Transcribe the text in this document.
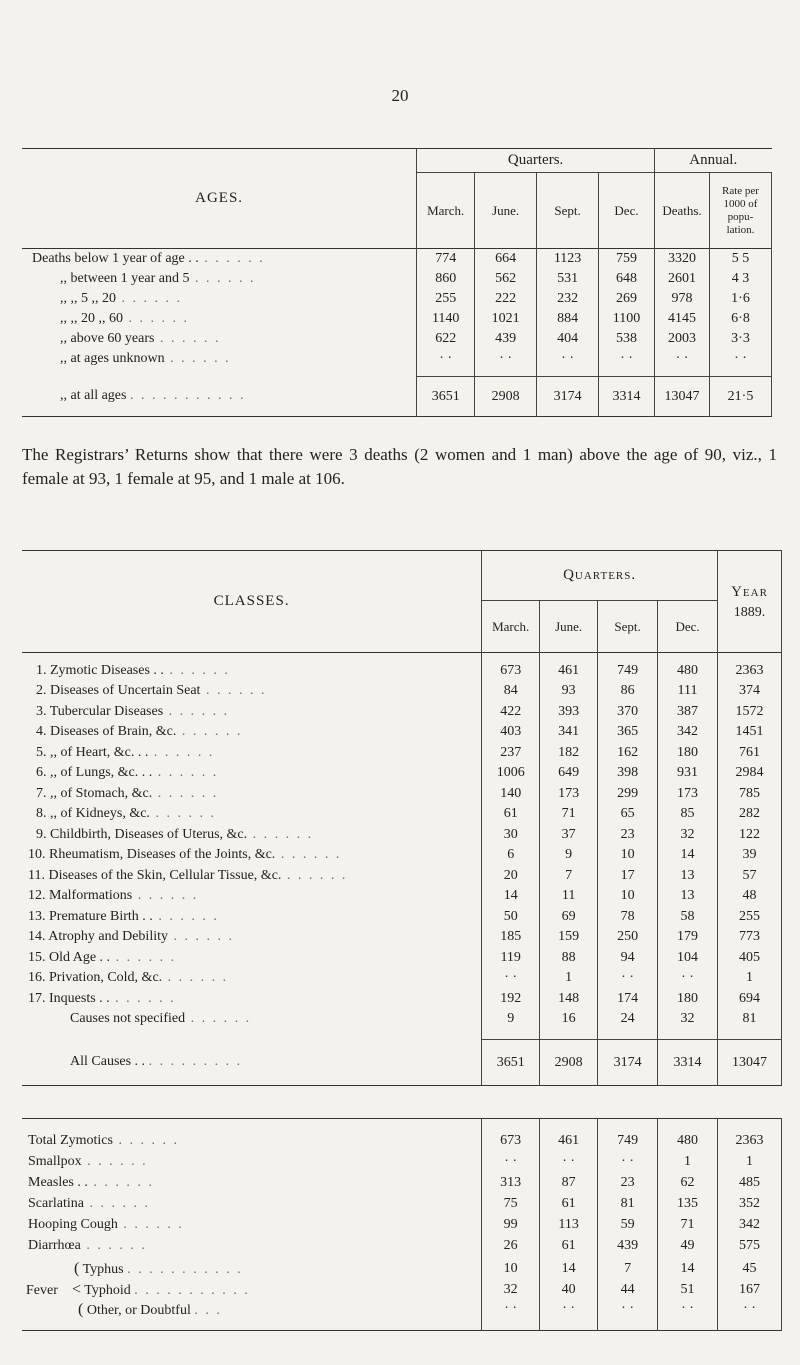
20
AGES.	Quarters.				Annual.	
	March.	June.	Sept.	Dec.	Deaths.	Rate per 1000 of popu- lation.
Deaths below 1 year of age . . . . . . . .	774	664	1123	759	3320	5 5
,, between 1 year and 5 . . . . . .	860	562	531	648	2601	4 3
,, ,, 5 ,, 20 . . . . . .	255	222	232	269	978	1·6
,, ,, 20 ,, 60 . . . . . .	1140	1021	884	1100	4145	6·8
,, above 60 years . . . . . .	622	439	404	538	2003	3·3
,, at ages unknown . . . . . .	· ·	· ·	· ·	· ·	· ·	· ·

,, at all ages . . . . . . . . . . .	3651	2908	3174	3314	13047	21·5

The Registrars’ Returns show that there were 3 deaths (2 women and 1 man) above the age of 90, viz., 1 female at 93, 1 female at 95, and 1 male at 106.

CLASSES.	Quarters.				Year
	March.	June.	Sept.	Dec.	1889.

1. Zymotic Diseases . . . . . . . .	673	461	749	480	2363
2. Diseases of Uncertain Seat . . . . . .	84	93	86	111	374
3. Tubercular Diseases . . . . . .	422	393	370	387	1572
4. Diseases of Brain, &c. . . . . . .	403	341	365	342	1451
5. ,, of Heart, &c. . . . . . . . .	237	182	162	180	761
6. ,, of Lungs, &c. . . . . . . . .	1006	649	398	931	2984
7. ,, of Stomach, &c. . . . . . .	140	173	299	173	785
8. ,, of Kidneys, &c. . . . . . .	61	71	65	85	282
9. Childbirth, Diseases of Uterus, &c. . . . . . .	30	37	23	32	122
10. Rheumatism, Diseases of the Joints, &c. . . . . . .	6	9	10	14	39
11. Diseases of the Skin, Cellular Tissue, &c. . . . . . .	20	7	17	13	57
12. Malformations . . . . . .	14	11	10	13	48
13. Premature Birth . . . . . . . .	50	69	78	58	255
14. Atrophy and Debility . . . . . .	185	159	250	179	773
15. Old Age . . . . . . . .	119	88	94	104	405
16. Privation, Cold, &c. . . . . . .	· ·	1	· ·	· ·	1
17. Inquests . . . . . . . .	192	148	174	180	694
Causes not specified . . . . . .	9	16	24	32	81

All Causes . . . . . . . . . . .	3651	2908	3174	3314	13047

Total Zymotics . . . . . .	673	461	749	480	2363
Smallpox . . . . . .	· ·	· ·	· ·	1	1
Measles . . . . . . . .	313	87	23	62	485
Scarlatina . . . . . .	75	61	81	135	352
Hooping Cough . . . . . .	99	113	59	71	342
Diarrhœa . . . . . .	26	61	439	49	575

( Typhus . . . . . . . . . . .	10	14	7	14	45
Fever < Typhoid . . . . . . . . . . .	32	40	44	51	167
( Other, or Doubtful . . .	· ·	· ·	· ·	· ·	· ·
